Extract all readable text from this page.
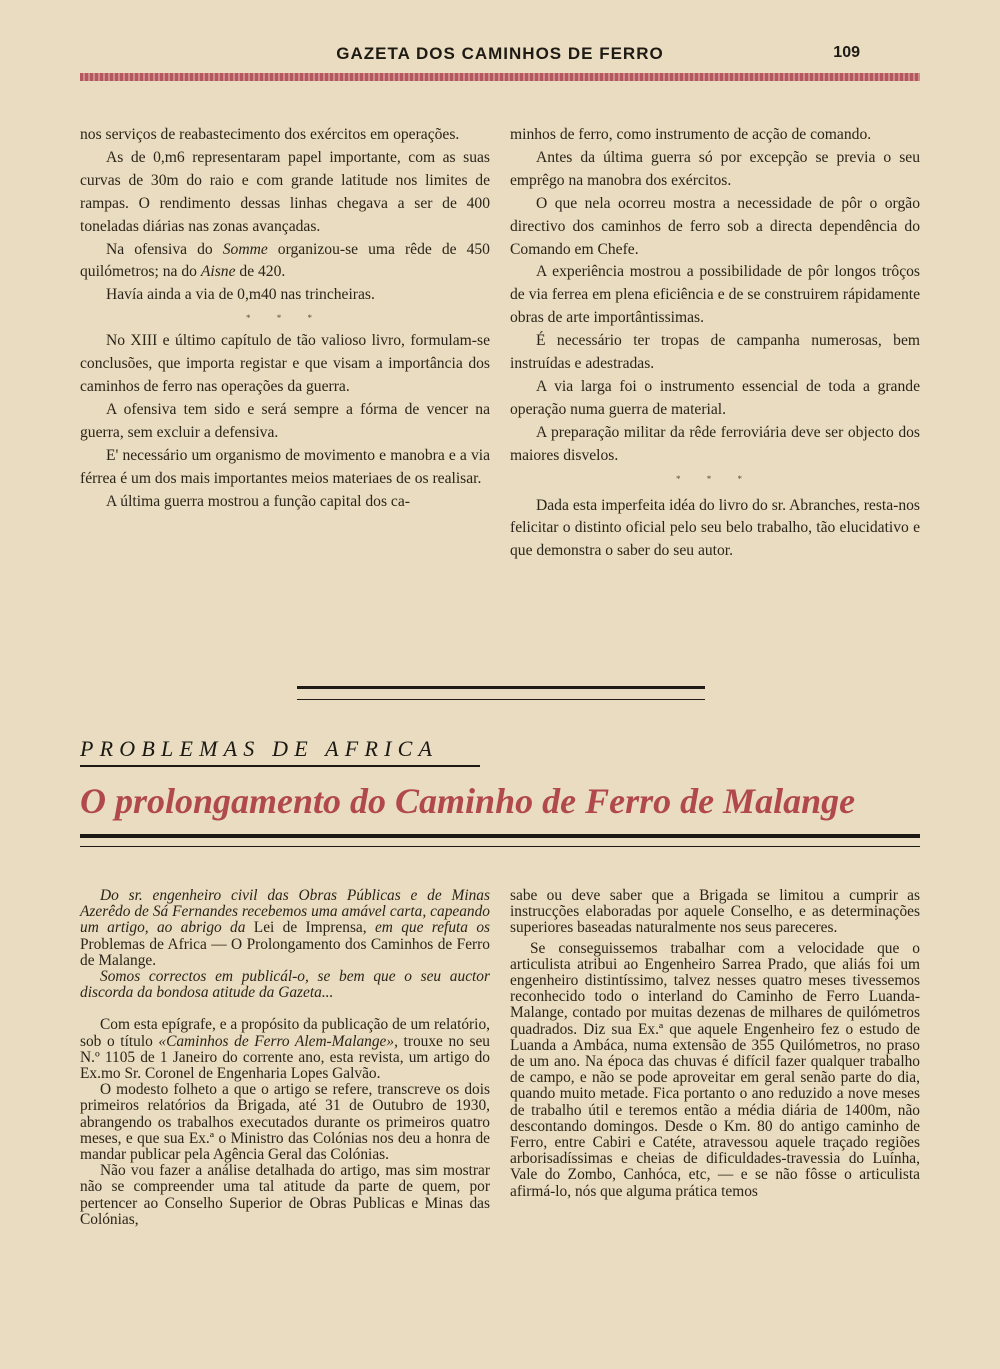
GAZETA DOS CAMINHOS DE FERRO	109

nos serviços de reabastecimento dos exércitos em operações.

As de 0,m6 representaram papel importante, com as suas curvas de 30m do raio e com grande latitude nos limites de rampas. O rendimento dessas linhas chegava a ser de 400 toneladas diárias nas zonas avançadas.

Na ofensiva do Somme organizou-se uma rêde de 450 quilómetros; na do Aisne de 420.

Havía ainda a via de 0,m40 nas trincheiras.

* * *

No XIII e último capítulo de tão valioso livro, formulam-se conclusões, que importa registar e que visam a importância dos caminhos de ferro nas operações da guerra.

A ofensiva tem sido e será sempre a fórma de vencer na guerra, sem excluir a defensiva.

E' necessário um organismo de movimento e manobra e a via férrea é um dos mais importantes meios materiaes de os realisar.

A última guerra mostrou a função capital dos ca-

minhos de ferro, como instrumento de acção de comando.

Antes da última guerra só por excepção se previa o seu emprêgo na manobra dos exércitos.

O que nela ocorreu mostra a necessidade de pôr o orgão directivo dos caminhos de ferro sob a directa dependência do Comando em Chefe.

A experiência mostrou a possibilidade de pôr longos trôços de via ferrea em plena eficiência e de se construirem rápidamente obras de arte importântissimas.

É necessário ter tropas de campanha numerosas, bem instruídas e adestradas.

A via larga foi o instrumento essencial de toda a grande operação numa guerra de material.

A preparação militar da rêde ferroviária deve ser objecto dos maiores disvelos.

* * *

Dada esta imperfeita idéa do livro do sr. Abranches, resta-nos felicitar o distinto oficial pelo seu belo trabalho, tão elucidativo e que demonstra o saber do seu autor.

PROBLEMAS DE AFRICA
O prolongamento do Caminho de Ferro de Malange

Do sr. engenheiro civil das Obras Públicas e de Minas Azerêdo de Sá Fernandes recebemos uma amável carta, capeando um artigo, ao abrigo da Lei de Imprensa, em que refuta os Problemas de Africa — O Prolongamento dos Caminhos de Ferro de Malange.

Somos correctos em publicál-o, se bem que o seu auctor discorda da bondosa atitude da Gazeta...

Com esta epígrafe, e a propósito da publicação de um relatório, sob o título «Caminhos de Ferro Alem-Malange», trouxe no seu N.º 1105 de 1 Janeiro do corrente ano, esta revista, um artigo do Ex.mo Sr. Coronel de Engenharia Lopes Galvão.

O modesto folheto a que o artigo se refere, transcreve os dois primeiros relatórios da Brigada, até 31 de Outubro de 1930, abrangendo os trabalhos executados durante os primeiros quatro meses, e que sua Ex.ª o Ministro das Colónias nos deu a honra de mandar publicar pela Agência Geral das Colónias.

Não vou fazer a análise detalhada do artigo, mas sim mostrar não se compreender uma tal atitude da parte de quem, por pertencer ao Conselho Superior de Obras Publicas e Minas das Colónias,

sabe ou deve saber que a Brigada se limitou a cumprir as instrucções elaboradas por aquele Conselho, e as determinações superiores baseadas naturalmente nos seus pareceres.

Se conseguissemos trabalhar com a velocidade que o articulista atribui ao Engenheiro Sarrea Prado, que aliás foi um engenheiro distintíssimo, talvez nesses quatro meses tivessemos reconhecido todo o interland do Caminho de Ferro Luanda-Malange, contado por muitas dezenas de milhares de quilómetros quadrados. Diz sua Ex.ª que aquele Engenheiro fez o estudo de Luanda a Ambáca, numa extensão de 355 Quilómetros, no praso de um ano. Na época das chuvas é difícil fazer qualquer trabalho de campo, e não se pode aproveitar em geral senão parte do dia, quando muito metade. Fica portanto o ano reduzido a nove meses de trabalho útil e teremos então a média diária de 1400m, não descontando domingos. Desde o Km. 80 do antigo caminho de Ferro, entre Cabiri e Catéte, atravessou aquele traçado regiões arborisadíssimas e cheias de dificuldades-travessia do Luínha, Vale do Zombo, Canhóca, etc, — e se não fôsse o articulista afirmá-lo, nós que alguma prática temos
